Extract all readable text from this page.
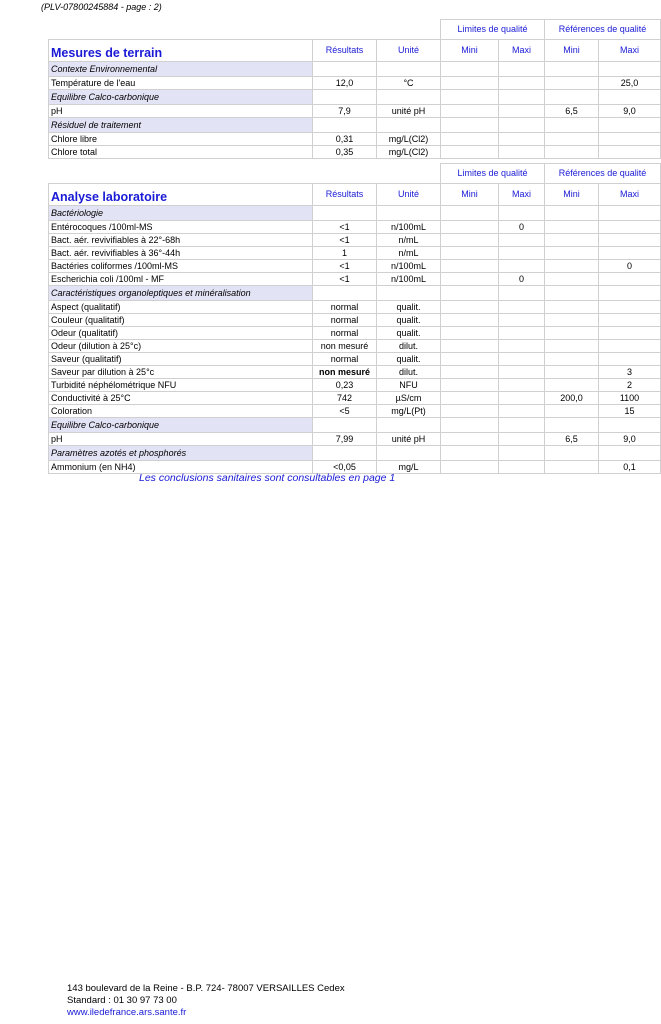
(PLV-07800245884 - page : 2)
			Limites de qualité		Références de qualité	
Mesures de terrain	Résultats	Unité	Mini	Maxi	Mini	Maxi
Contexte Environnemental						
Température de l'eau	12,0	°C				25,0
Equilibre Calco-carbonique						
pH	7,9	unité pH			6,5	9,0
Résiduel de traitement						
Chlore libre	0,31	mg/L(Cl2)				
Chlore total	0,35	mg/L(Cl2)				
			Limites de qualité		Références de qualité	
Analyse laboratoire	Résultats	Unité	Mini	Maxi	Mini	Maxi
Bactériologie						
Entérocoques /100ml-MS	<1	n/100mL		0		
Bact. aér. revivifiables à 22°-68h	<1	n/mL				
Bact. aér. revivifiables à 36°-44h	1	n/mL				
Bactéries coliformes /100ml-MS	<1	n/100mL				0
Escherichia coli /100ml - MF	<1	n/100mL		0		
Caractéristiques organoleptiques et minéralisation						
Aspect (qualitatif)	normal	qualit.				
Couleur (qualitatif)	normal	qualit.				
Odeur (qualitatif)	normal	qualit.				
Odeur (dilution à 25°c)	non mesuré	dilut.				
Saveur (qualitatif)	normal	qualit.				
Saveur par dilution à 25°c	non mesuré	dilut.				3
Turbidité néphélométrique NFU	0,23	NFU				2
Conductivité à 25°C	742	µS/cm			200,0	1100
Coloration	<5	mg/L(Pt)				15
Equilibre Calco-carbonique						
pH	7,99	unité pH			6,5	9,0
Paramètres azotés et phosphorés						
Ammonium (en NH4)	<0,05	mg/L				0,1
Les conclusions sanitaires sont consultables en page 1
143 boulevard de la Reine - B.P. 724- 78007 VERSAILLES Cedex
Standard : 01 30 97 73 00
www.iledefrance.ars.sante.fr
